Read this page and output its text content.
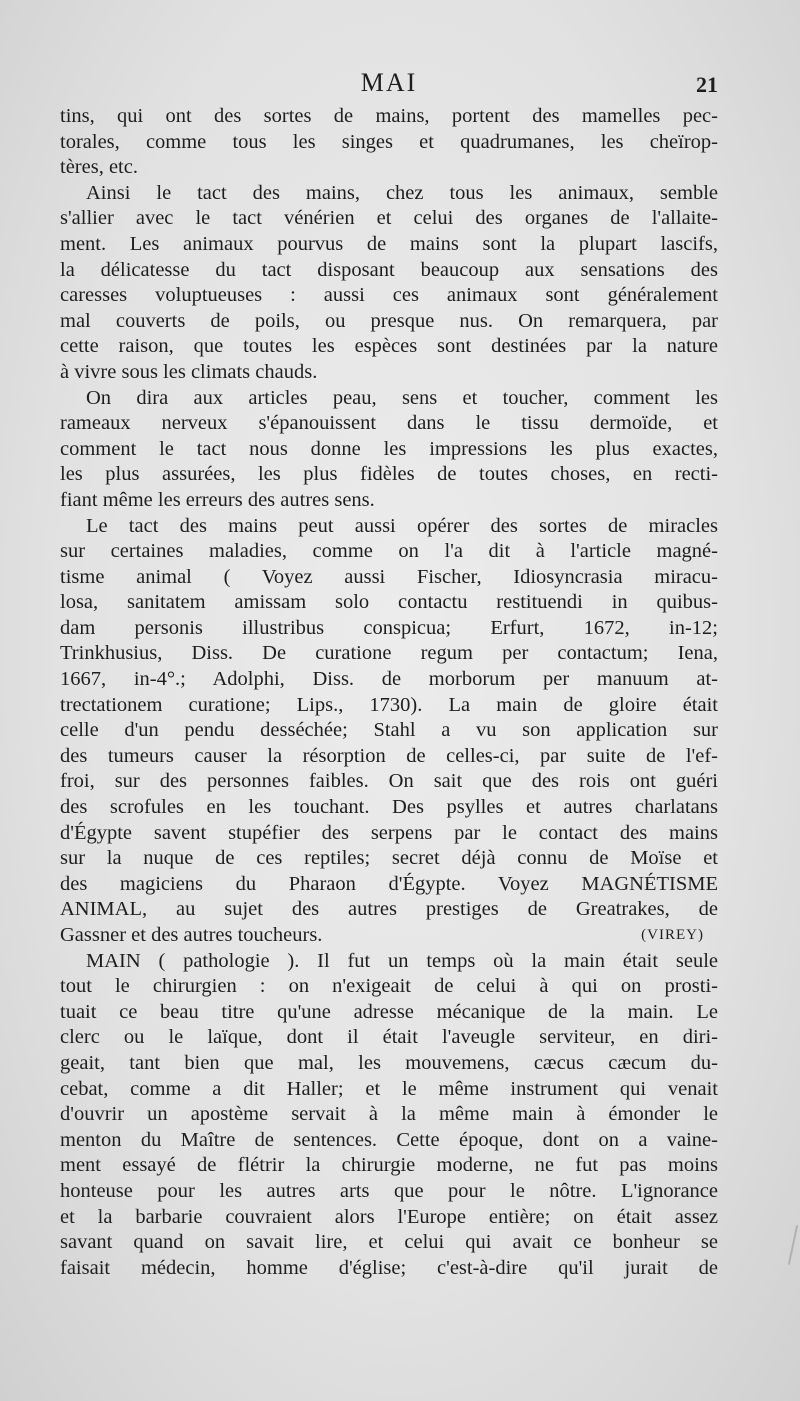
MAI	21
tins, qui ont des sortes de mains, portent des mamelles pec-
torales, comme tous les singes et quadrumanes, les cheïrop-
tères, etc.
Ainsi le tact des mains, chez tous les animaux, semble
s'allier avec le tact vénérien et celui des organes de l'allaite-
ment. Les animaux pourvus de mains sont la plupart lascifs,
la délicatesse du tact disposant beaucoup aux sensations des
caresses voluptueuses : aussi ces animaux sont généralement
mal couverts de poils, ou presque nus. On remarquera, par
cette raison, que toutes les espèces sont destinées par la nature
à vivre sous les climats chauds.
On dira aux articles peau, sens et toucher, comment les
rameaux nerveux s'épanouissent dans le tissu dermoïde, et
comment le tact nous donne les impressions les plus exactes,
les plus assurées, les plus fidèles de toutes choses, en recti-
fiant même les erreurs des autres sens.
Le tact des mains peut aussi opérer des sortes de miracles
sur certaines maladies, comme on l'a dit à l'article magné-
tisme animal ( Voyez aussi Fischer, Idiosyncrasia miracu-
losa, sanitatem amissam solo contactu restituendi in quibus-
dam personis illustribus conspicua; Erfurt, 1672, in-12;
Trinkhusius, Diss. De curatione regum per contactum; Iena,
1667, in-4°.; Adolphi, Diss. de morborum per manuum at-
trectationem curatione; Lips., 1730). La main de gloire était
celle d'un pendu desséchée; Stahl a vu son application sur
des tumeurs causer la résorption de celles-ci, par suite de l'ef-
froi, sur des personnes faibles. On sait que des rois ont guéri
des scrofules en les touchant. Des psylles et autres charlatans
d'Égypte savent stupéfier des serpens par le contact des mains
sur la nuque de ces reptiles; secret déjà connu de Moïse et
des magiciens du Pharaon d'Égypte. Voyez MAGNÉTISME
ANIMAL, au sujet des autres prestiges de Greatrakes, de
Gassner et des autres toucheurs.	(VIREY)
MAIN ( pathologie ). Il fut un temps où la main était seule
tout le chirurgien : on n'exigeait de celui à qui on prosti-
tuait ce beau titre qu'une adresse mécanique de la main. Le
clerc ou le laïque, dont il était l'aveugle serviteur, en diri-
geait, tant bien que mal, les mouvemens, cæcus cæcum du-
cebat, comme a dit Haller; et le même instrument qui venait
d'ouvrir un apostème servait à la même main à émonder le
menton du Maître de sentences. Cette époque, dont on a vaine-
ment essayé de flétrir la chirurgie moderne, ne fut pas moins
honteuse pour les autres arts que pour le nôtre. L'ignorance
et la barbarie couvraient alors l'Europe entière; on était assez
savant quand on savait lire, et celui qui avait ce bonheur se
faisait médecin, homme d'église; c'est-à-dire qu'il jurait de
